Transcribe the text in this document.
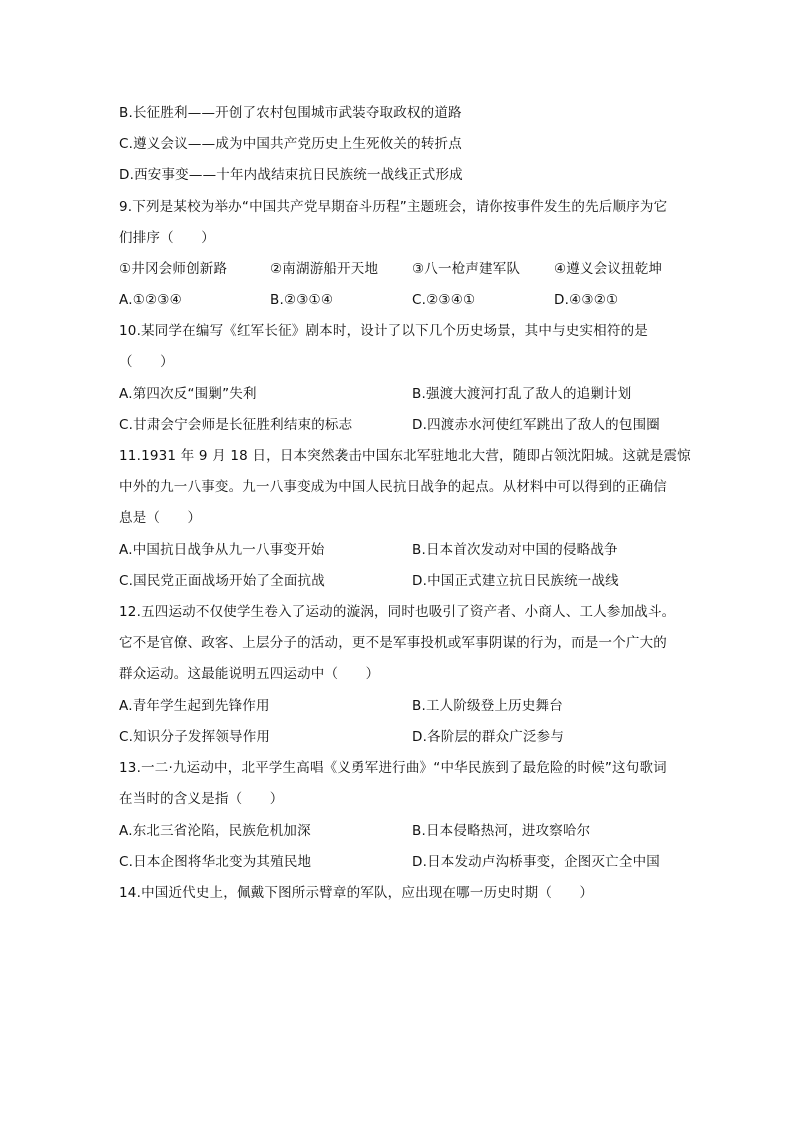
B.长征胜利——开创了农村包围城市武装夺取政权的道路
C.遵义会议——成为中国共产党历史上生死攸关的转折点
D.西安事变——十年内战结束抗日民族统一战线正式形成
9.下列是某校为举办“中国共产党早期奋斗历程”主题班会，请你按事件发生的先后顺序为它
们排序（　　）
①井冈会师创新路	②南湖游船开天地	③八一枪声建军队	④遵义会议扭乾坤
A.①②③④	B.②③①④	C.②③④①	D.④③②①
10.某同学在编写《红军长征》剧本时，设计了以下几个历史场景，其中与史实相符的是
（　　）
A.第四次反“围剿”失利	B.强渡大渡河打乱了敌人的追剿计划
C.甘肃会宁会师是长征胜利结束的标志	D.四渡赤水河使红军跳出了敌人的包围圈
11.1931 年 9 月 18 日，日本突然袭击中国东北军驻地北大营，随即占领沈阳城。这就是震惊
中外的九一八事变。九一八事变成为中国人民抗日战争的起点。从材料中可以得到的正确信
息是（　　）
A.中国抗日战争从九一八事变开始	B.日本首次发动对中国的侵略战争
C.国民党正面战场开始了全面抗战	D.中国正式建立抗日民族统一战线
12.五四运动不仅使学生卷入了运动的漩涡，同时也吸引了资产者、小商人、工人参加战斗。
它不是官僚、政客、上层分子的活动，更不是军事投机或军事阴谋的行为，而是一个广大的
群众运动。这最能说明五四运动中（　　）
A.青年学生起到先锋作用	B.工人阶级登上历史舞台
C.知识分子发挥领导作用	D.各阶层的群众广泛参与
13.一二·九运动中，北平学生高唱《义勇军进行曲》“中华民族到了最危险的时候”这句歌词
在当时的含义是指（　　）
A.东北三省沦陷，民族危机加深	B.日本侵略热河，进攻察哈尔
C.日本企图将华北变为其殖民地	D.日本发动卢沟桥事变，企图灭亡全中国
14.中国近代史上，佩戴下图所示臂章的军队，应出现在哪一历史时期（　　）
